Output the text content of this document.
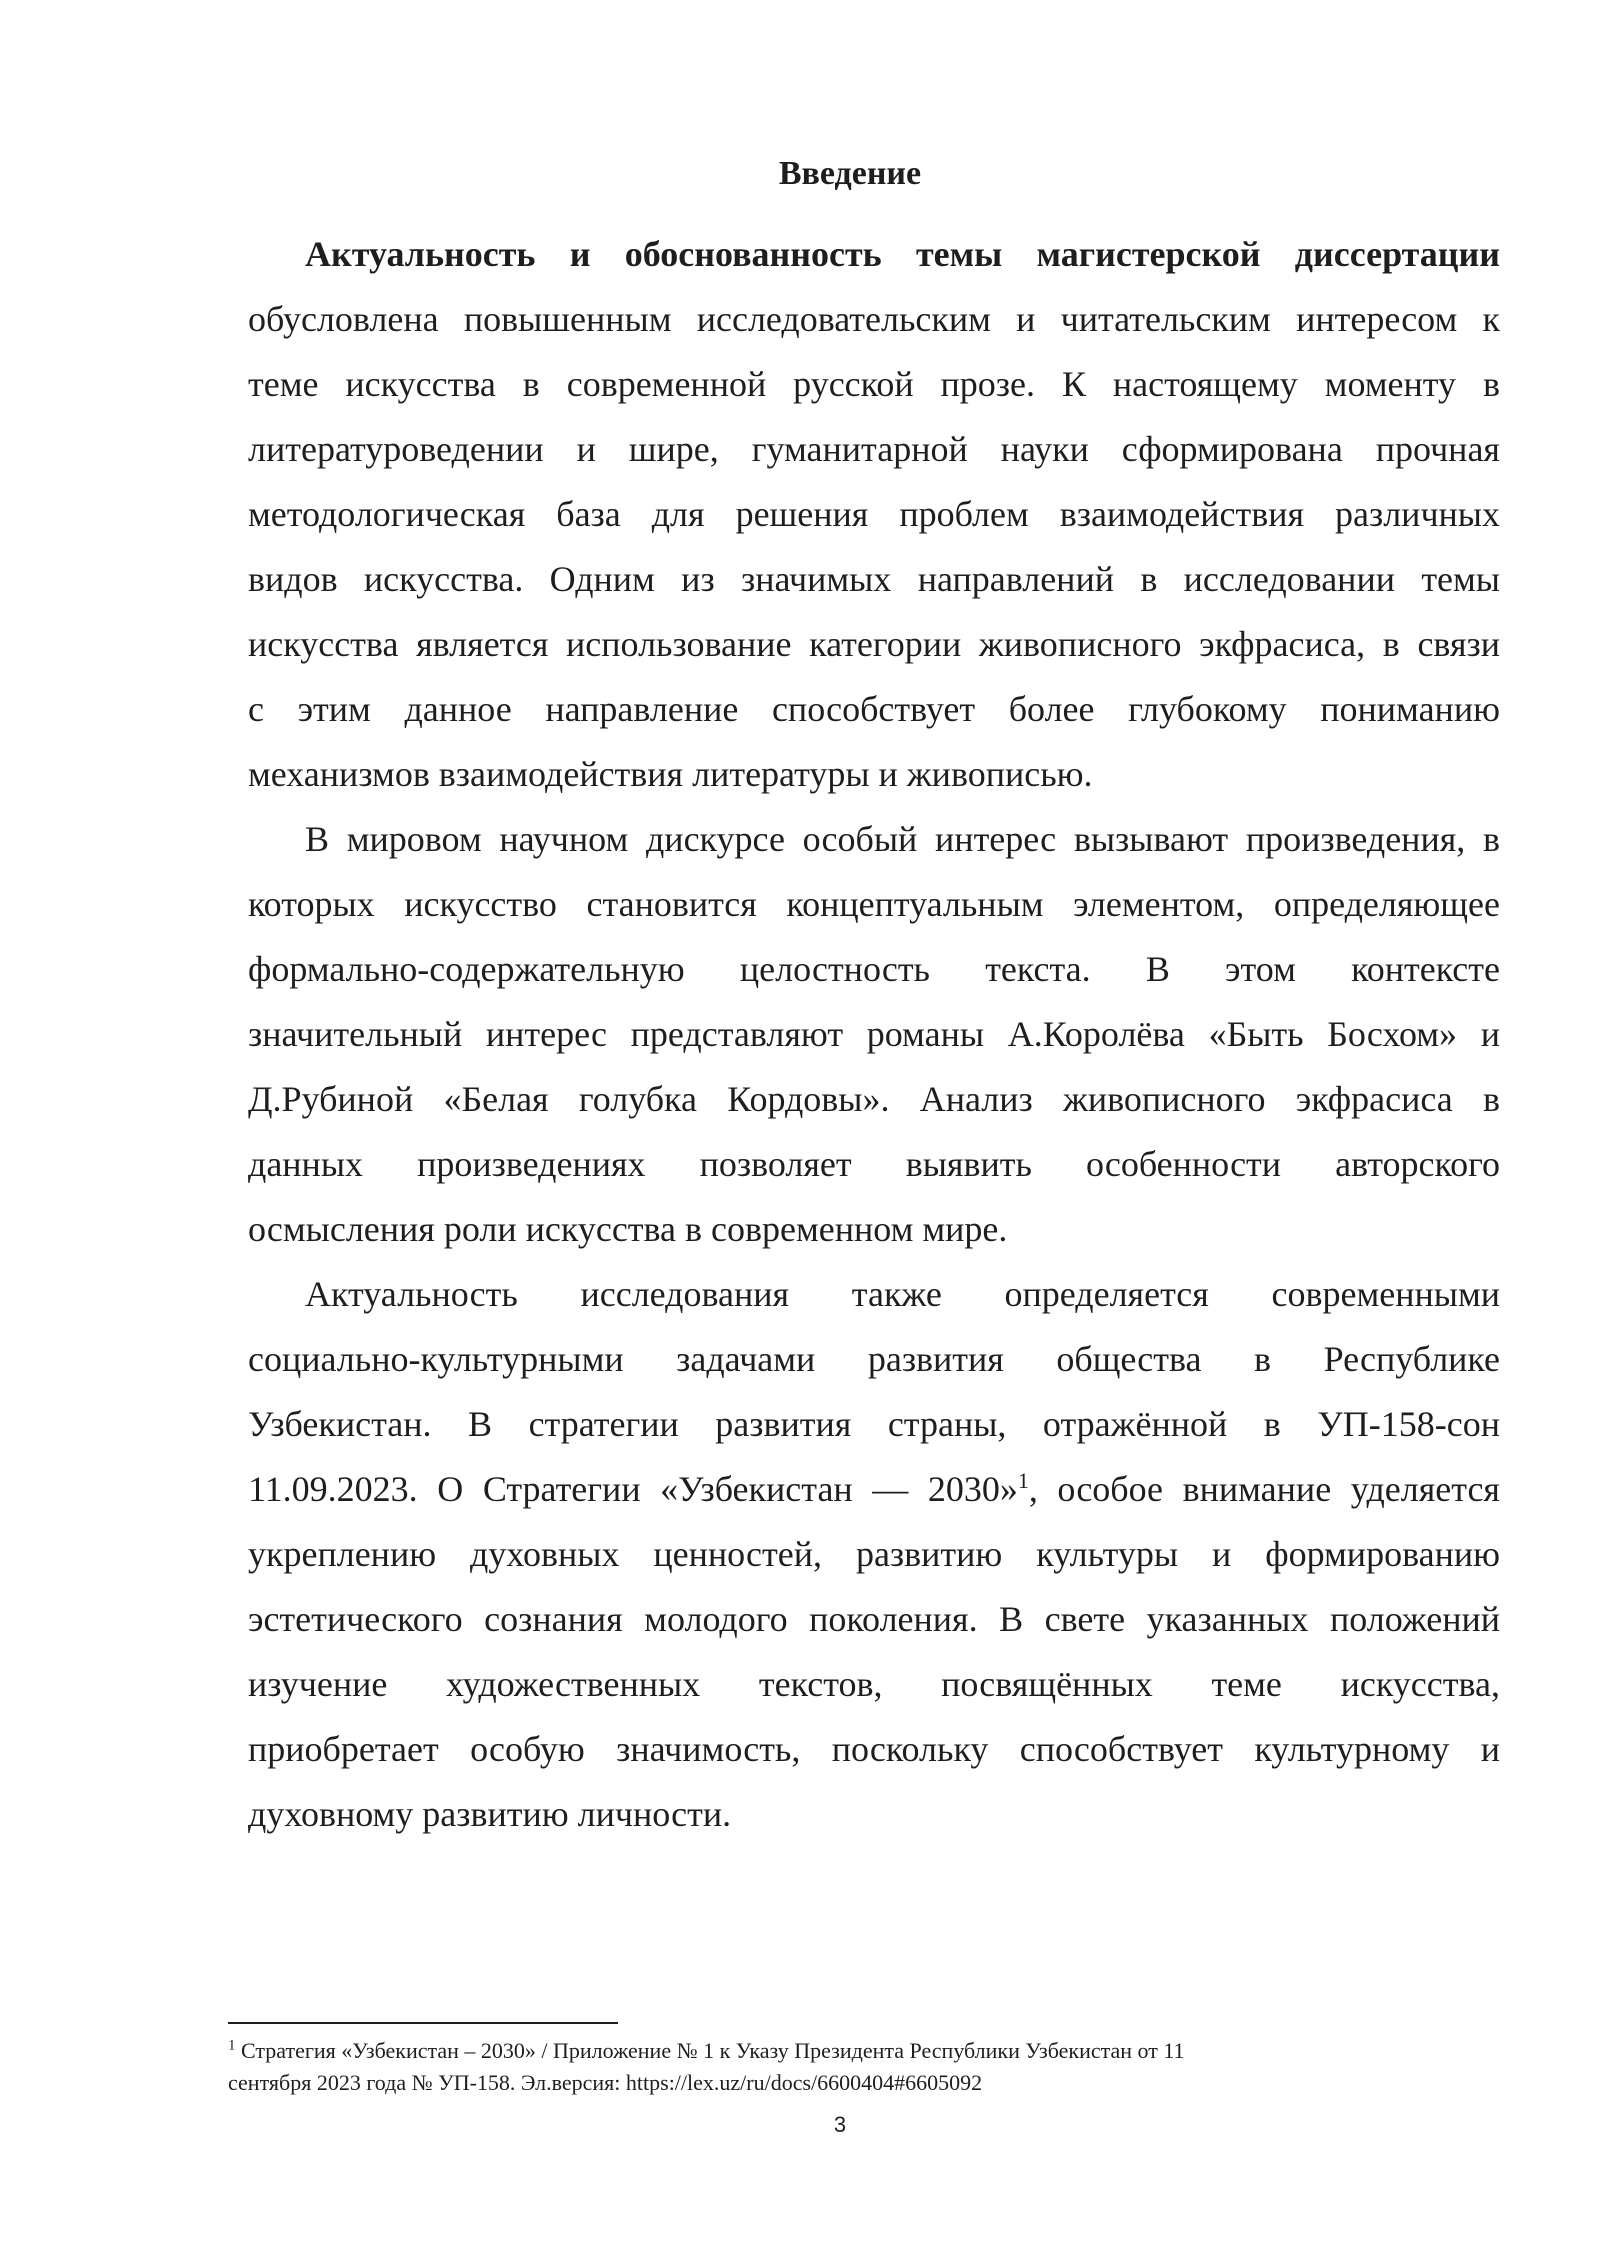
Введение
Актуальность и обоснованность темы магистерской диссертации
обусловлена повышенным исследовательским и читательским интересом к
теме искусства в современной русской прозе. К настоящему моменту в
литературоведении и шире, гуманитарной науки сформирована прочная
методологическая база для решения проблем взаимодействия различных
видов искусства. Одним из значимых направлений в исследовании темы
искусства является использование категории живописного экфрасиса, в связи
с этим данное направление способствует более глубокому пониманию
механизмов взаимодействия литературы и живописью.
В мировом научном дискурсе особый интерес вызывают произведения, в
которых искусство становится концептуальным элементом, определяющее
формально-содержательную целостность текста. В этом контексте
значительный интерес представляют романы А.Королёва «Быть Босхом» и
Д.Рубиной «Белая голубка Кордовы». Анализ живописного экфрасиса в
данных произведениях позволяет выявить особенности авторского
осмысления роли искусства в современном мире.
Актуальность исследования также определяется современными
социально-культурными задачами развития общества в Республике
Узбекистан. В стратегии развития страны, отражённой в УП-158-сон
11.09.2023. О Стратегии «Узбекистан — 2030»$^1$, особое внимание уделяется
укреплению духовных ценностей, развитию культуры и формированию
эстетического сознания молодого поколения. В свете указанных положений
изучение художественных текстов, посвящённых теме искусства,
приобретает особую значимость, поскольку способствует культурному и
духовному развитию личности.
$^1$ Стратегия «Узбекистан – 2030» / Приложение № 1 к Указу Президента Республики Узбекистан от 11
сентября 2023 года № УП-158. Эл.версия: https://lex.uz/ru/docs/6600404#6605092
3
